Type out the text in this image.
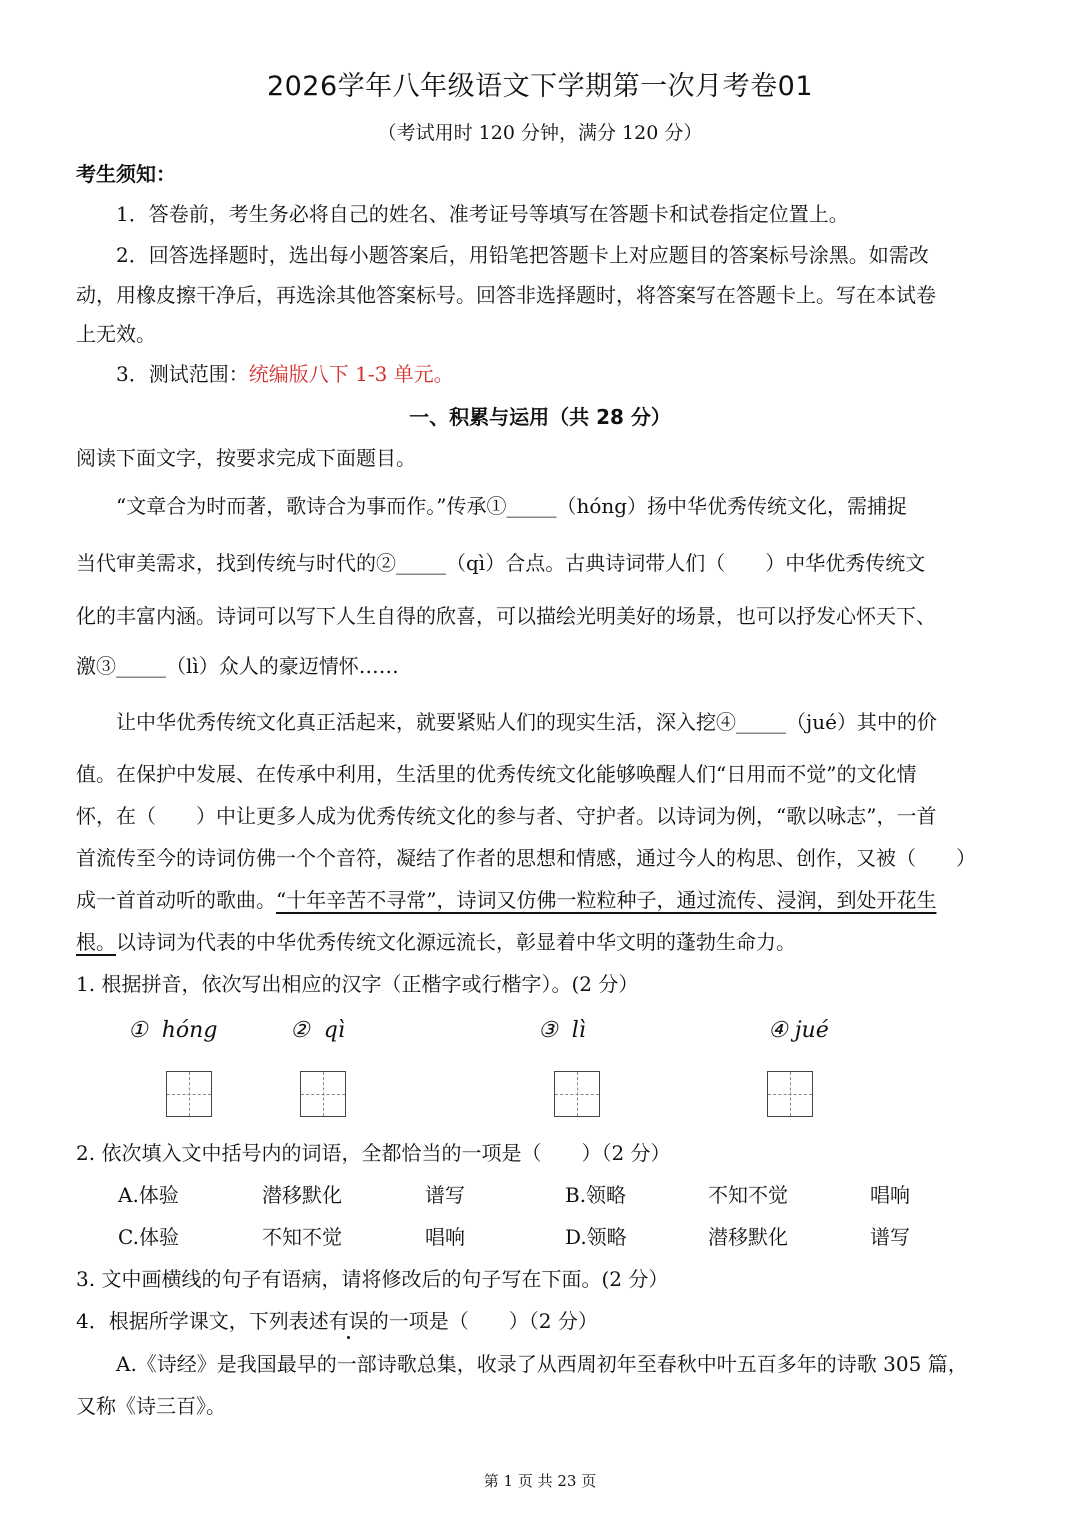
2026学年八年级语文下学期第一次月考卷01
（考试用时 120 分钟，满分 120 分）
考生须知：
1．答卷前，考生务必将自己的姓名、准考证号等填写在答题卡和试卷指定位置上。
2．回答选择题时，选出每小题答案后，用铅笔把答题卡上对应题目的答案标号涂黑。如需改
动，用橡皮擦干净后，再选涂其他答案标号。回答非选择题时，将答案写在答题卡上。写在本试卷
上无效。
3．测试范围：统编版八下 1-3 单元。
一、积累与运用（共 28 分）
阅读下面文字，按要求完成下面题目。
“文章合为时而著，歌诗合为事而作。”传承①_____（hóng）扬中华优秀传统文化，需捕捉
当代审美需求，找到传统与时代的②_____（qì）合点。古典诗词带人们（　　）中华优秀传统文
化的丰富内涵。诗词可以写下人生自得的欣喜，可以描绘光明美好的场景，也可以抒发心怀天下、
激③_____（lì）众人的豪迈情怀……
让中华优秀传统文化真正活起来，就要紧贴人们的现实生活，深入挖④_____（jué）其中的价
值。在保护中发展、在传承中利用，生活里的优秀传统文化能够唤醒人们“日用而不觉”的文化情
怀，在（　　）中让更多人成为优秀传统文化的参与者、守护者。以诗词为例，“歌以咏志”，一首
首流传至今的诗词仿佛一个个音符，凝结了作者的思想和情感，通过今人的构思、创作，又被（　　）
成一首首动听的歌曲。“十年辛苦不寻常”，诗词又仿佛一粒粒种子，通过流传、浸润，到处开花生
根。以诗词为代表的中华优秀传统文化源远流长，彰显着中华文明的蓬勃生命力。
1. 根据拼音，依次写出相应的汉字（正楷字或行楷字）。(2 分）
① hóng	② qì	③ lì	④ jué
2. 依次填入文中括号内的词语，全都恰当的一项是（　　）（2 分）
A.体验	潜移默化	谱写	B.领略	不知不觉	唱响
C.体验	不知不觉	唱响	D.领略	潜移默化	谱写
3. 文中画横线的句子有语病，请将修改后的句子写在下面。(2 分）
4．根据所学课文，下列表述有误的一项是（　　）（2 分）
A.《诗经》是我国最早的一部诗歌总集，收录了从西周初年至春秋中叶五百多年的诗歌 305 篇，
又称《诗三百》。
第 1 页 共 23 页
